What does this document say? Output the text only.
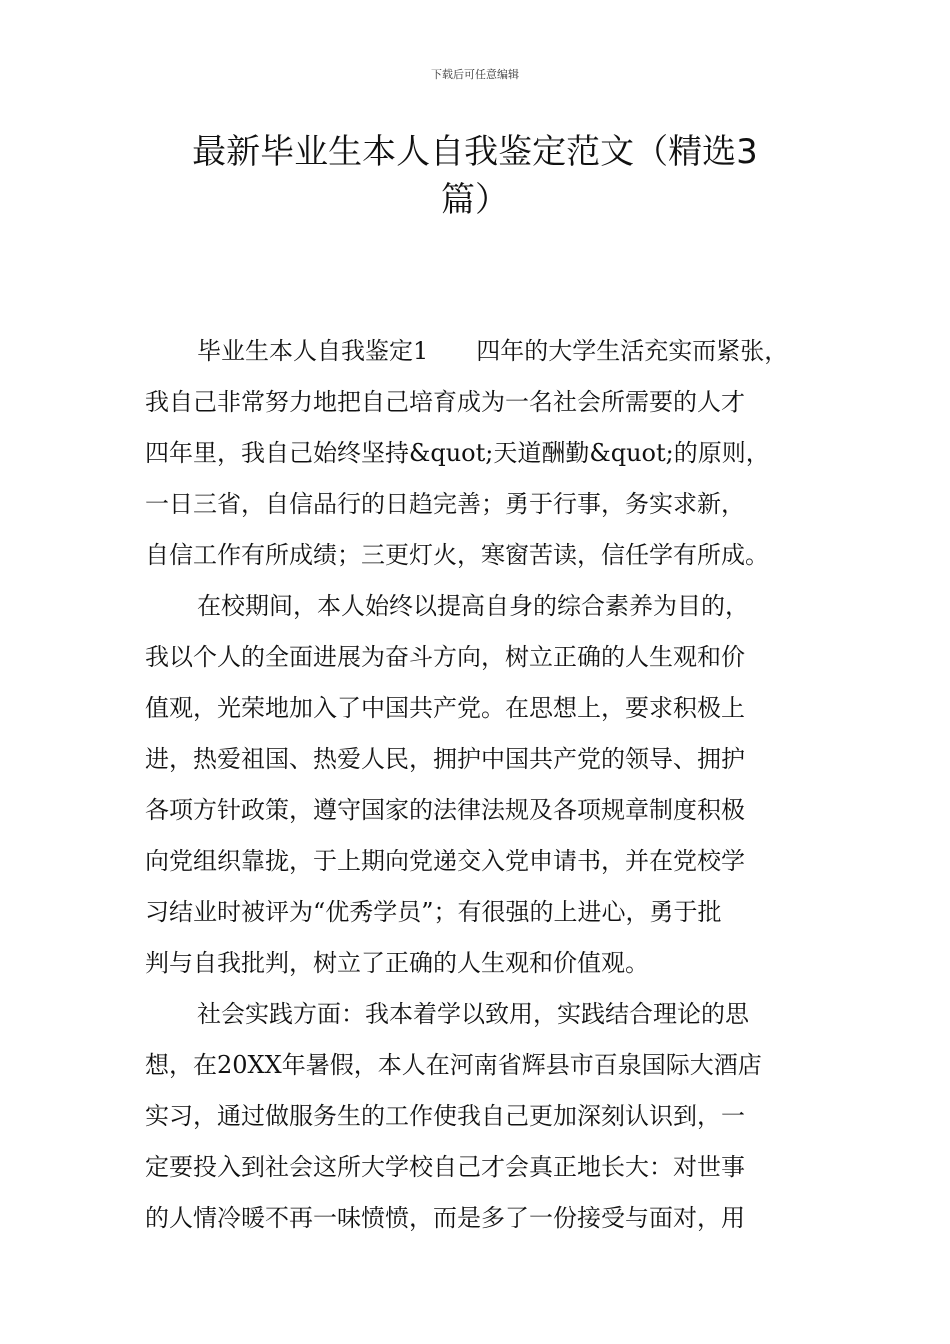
下载后可任意编辑
最新毕业生本人自我鉴定范文（精选3
篇）
毕业生本人自我鉴定1　　四年的大学生活充实而紧张，
我自己非常努力地把自己培育成为一名社会所需要的人才
四年里，我自己始终坚持&quot;天道酬勤&quot;的原则，
一日三省，自信品行的日趋完善；勇于行事，务实求新，
自信工作有所成绩；三更灯火，寒窗苦读，信任学有所成。
在校期间，本人始终以提高自身的综合素养为目的，
我以个人的全面进展为奋斗方向，树立正确的人生观和价
值观，光荣地加入了中国共产党。在思想上，要求积极上
进，热爱祖国、热爱人民，拥护中国共产党的领导、拥护
各项方针政策，遵守国家的法律法规及各项规章制度积极
向党组织靠拢，于上期向党递交入党申请书，并在党校学
习结业时被评为“优秀学员”；有很强的上进心，勇于批
判与自我批判，树立了正确的人生观和价值观。
社会实践方面：我本着学以致用，实践结合理论的思
想，在20XX年暑假，本人在河南省辉县市百泉国际大酒店
实习，通过做服务生的工作使我自己更加深刻认识到，一
定要投入到社会这所大学校自己才会真正地长大：对世事
的人情冷暖不再一味愤愤，而是多了一份接受与面对，用
